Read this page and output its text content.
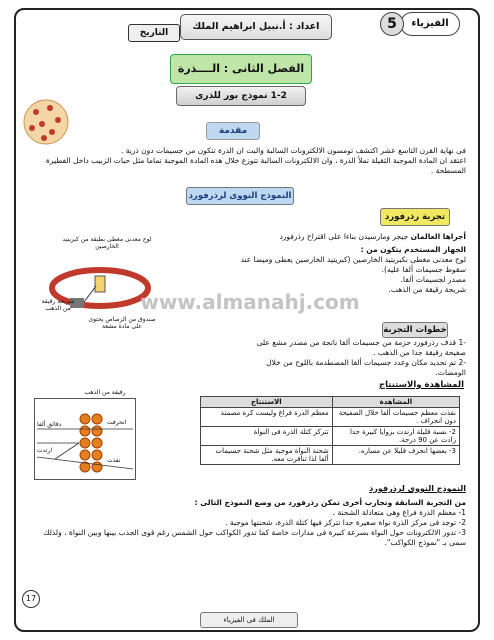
الفيزياء
5
اعداد : أ.نبيل ابراهيم الملك
التاريخ
الفصل الثانى : الــــذرة
1-2 نموذج بور للذرى
مقدمة
فى نهاية القرن التاسع عشر اكتشف تومسون الالكترونات السالبة والبت ان الذرة تتكون من جسيمات دون ذرية .
اعتقد ان المادة الموجبة الثقيلة تملأ الذرة ، وان الالكترونات السالبة تتوزع خلال هذه المادة الموجبة تماما مثل حبات الزبيب داخل الفطيرة المسطحة .
النموذج النووى لرذرفورد
تجربة رذرفورد
أجراها العالمان جيجر ومارسيدن بناءا على اقتراح رذرفورد
الجهاز المستخدم يتكون من :
لوح معدنى مغطى بكبريتيد الخارصين (كبريتيد الخارصين يعطى وميضا عند سقوط جسيمات ألفا عليه).
مصدر لجسيمات ألفا.
شريحة رقيقة من الذهب.
لوح معدنى مغطى بطبقة من كبريتيد الخارصين
شريحة رقيقة من الذهب
صندوق من الرصاص يحتوى على مادة مشعة	خطوات التجربة
-1 قذف رذرفورد حزمة من جسيمات ألفا ناتجة من مصدر مشع على صفيحة رقيقة جدا من الذهب .
-2 تم تحديد مكان وعدد جسيمات ألفا المصطدمة باللوح من خلال الومضات.
www.almanahj.com
المشاهدة والاستنتاج
المشاهدة	الاستنتاج
نفذت معظم جسيمات ألفا خلال الصفيحة دون انحراف .	معظم الذرة فراغ وليست كرة مصمتة
2- نسبة قليلة ارتدت بزوايا كبيرة جدا زادت عن 90 درجة.	تتركز كتلة الذرة فى النواة
3- بعضها انحرف قليلا عن مساره.	شحنة النواة موجبة مثل شحنة جسيمات ألفا لذا تنافرت معه.
رقيقة من الذهب
دقائق ألفا
ارتدت
انحرفت
نفذت
النموذج النووى لرذرفورد
من التجربة السابقة وتجارب أخرى تمكن رذرفورد من وضع النموذج التالى :
1- معظم الذرة فراغ وهى متعادلة الشحنة .
2- توجد فى مركز الذرة نواة صغيرة جدا تتركز فيها كتلة الذرة، شحنتها موجبة .
3- تدور الالكترونات حول النواة بسرعة كبيرة فى مدارات خاصة كما تدور الكواكب حول الشمس رغم قوى الجذب بينها وبين النواة ، ولذلك سمى بـ "نموذج الكواكب".
17
الملك فى الفيزياء
